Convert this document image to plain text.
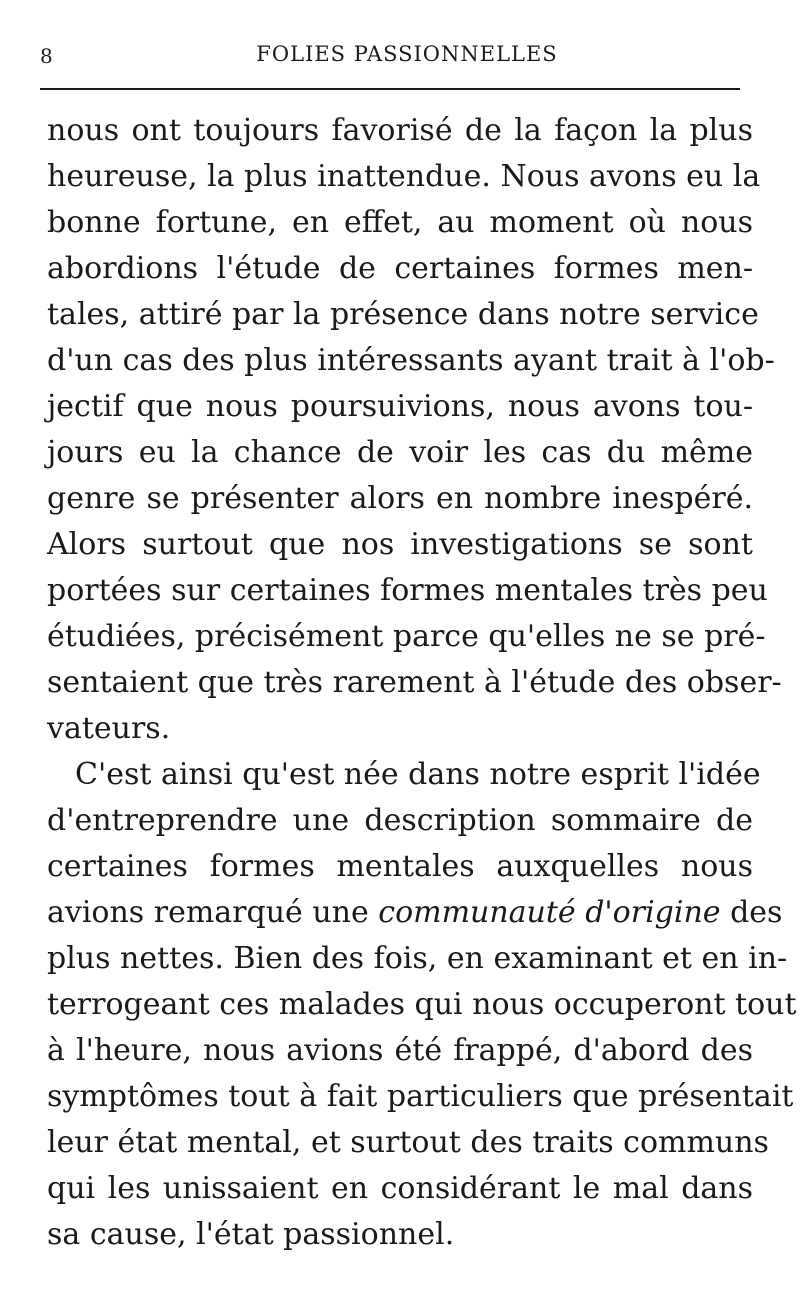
8	FOLIES PASSIONNELLES
nous ont toujours favorisé de la façon la plus
heureuse, la plus inattendue. Nous avons eu la
bonne fortune, en effet, au moment où nous
abordions l'étude de certaines formes men-
tales, attiré par la présence dans notre service
d'un cas des plus intéressants ayant trait à l'ob-
jectif que nous poursuivions, nous avons tou-
jours eu la chance de voir les cas du même
genre se présenter alors en nombre inespéré.
Alors surtout que nos investigations se sont
portées sur certaines formes mentales très peu
étudiées, précisément parce qu'elles ne se pré-
sentaient que très rarement à l'étude des obser-
vateurs.
C'est ainsi qu'est née dans notre esprit l'idée
d'entreprendre une description sommaire de
certaines formes mentales auxquelles nous
avions remarqué une communauté d'origine des
plus nettes. Bien des fois, en examinant et en in-
terrogeant ces malades qui nous occuperont tout
à l'heure, nous avions été frappé, d'abord des
symptômes tout à fait particuliers que présentait
leur état mental, et surtout des traits communs
qui les unissaient en considérant le mal dans
sa cause, l'état passionnel.
